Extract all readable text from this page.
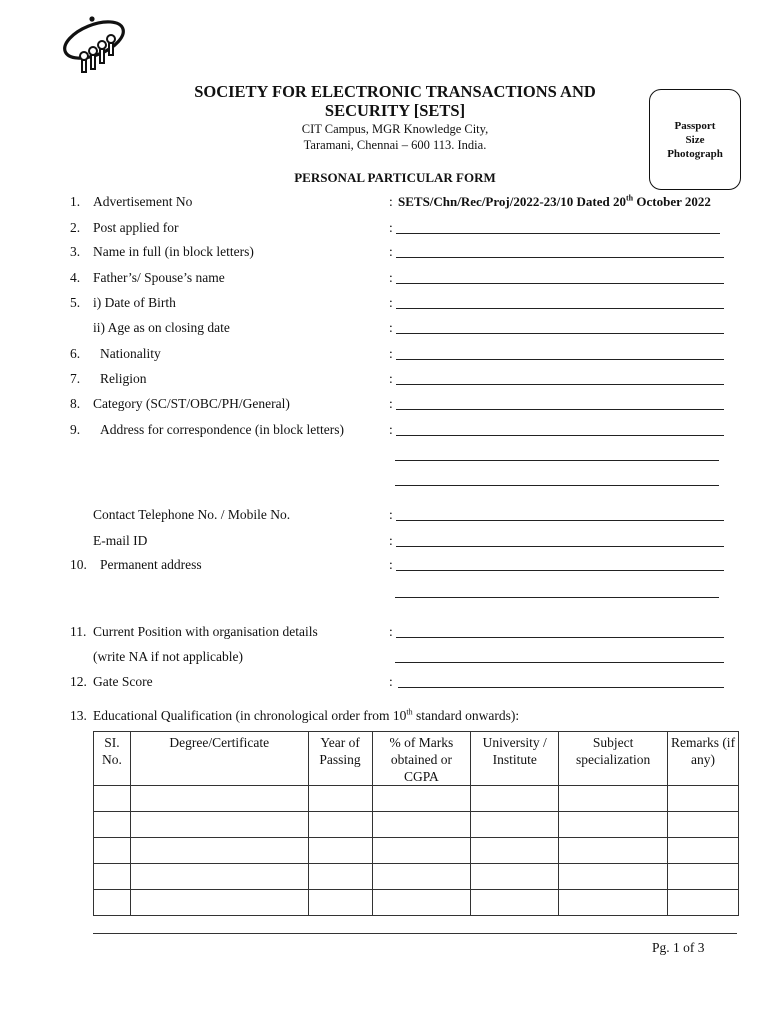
SOCIETY FOR ELECTRONIC TRANSACTIONS AND
SECURITY [SETS]
CIT Campus, MGR Knowledge City,
Taramani, Chennai – 600 113. India.
Passport
Size
Photograph
PERSONAL PARTICULAR FORM
1. Advertisement No	: SETS/Chn/Rec/Proj/2022-23/10 Dated 20th October 2022
2. Post applied for	:
3. Name in full (in block letters)	:
4. Father’s/ Spouse’s name	:
5. i) Date of Birth	:
ii) Age as on closing date	:
6. Nationality	:
7. Religion	:
8. Category (SC/ST/OBC/PH/General)	:
9. Address for correspondence (in block letters)	:
Contact Telephone No. / Mobile No.	:
E-mail ID	:
10. Permanent address	:
11. Current Position with organisation details	:
(write NA if not applicable)
12. Gate Score	:
13. Educational Qualification (in chronological order from 10th standard onwards):
SI. No.	Degree/Certificate	Year of Passing	% of Marks obtained or CGPA	University / Institute	Subject specialization	Remarks (if any)

Pg. 1 of 3
